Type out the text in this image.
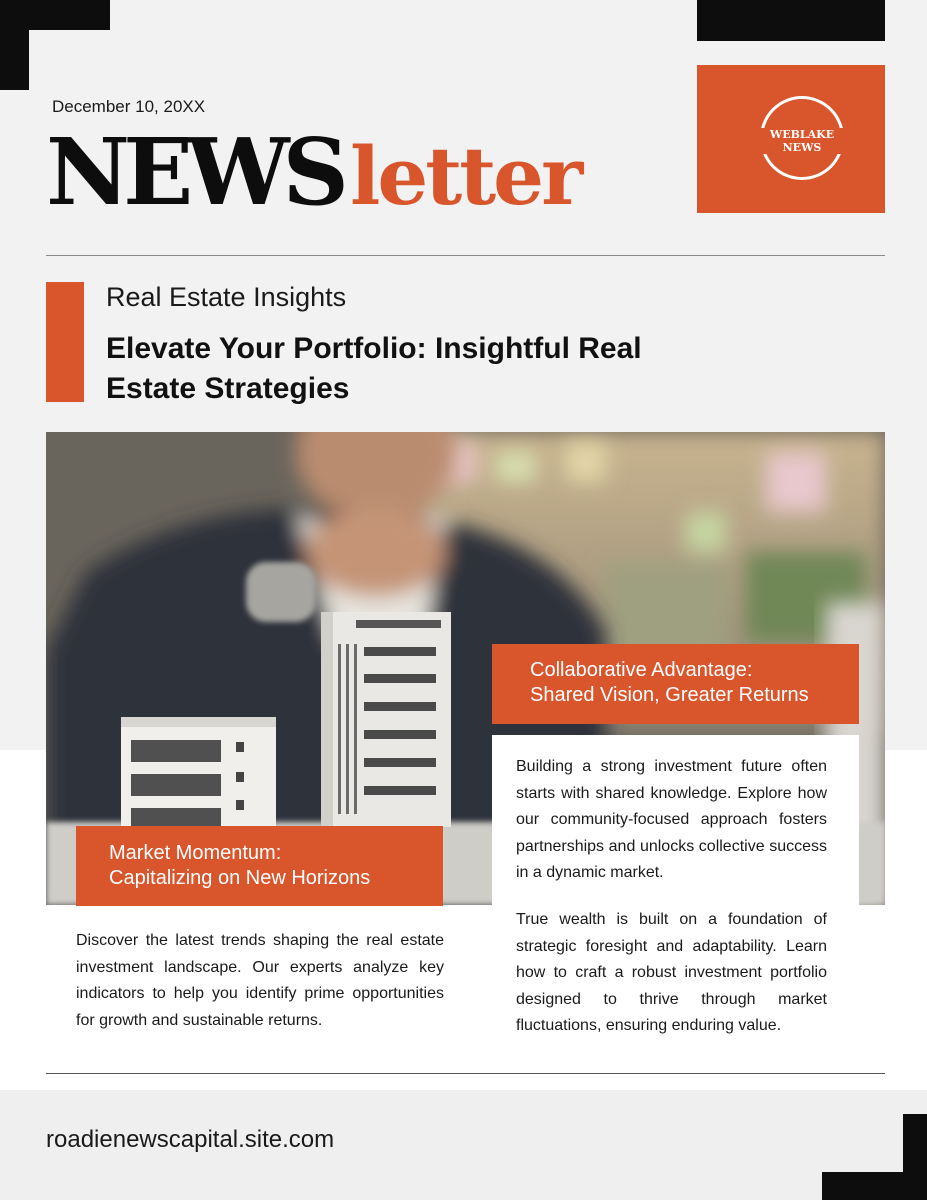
December 10, 20XX
NEWS letter	WEBLAKE
NEWS
Real Estate Insights
Elevate Your Portfolio: Insightful Real Estate Strategies
Collaborative Advantage:
Shared Vision, Greater Returns
Market Momentum:
Capitalizing on New Horizons

Building a strong investment future often starts with shared knowledge. Explore how our community-focused approach fosters partnerships and unlocks collective success in a dynamic market.

True wealth is built on a foundation of strategic foresight and adaptability. Learn how to craft a robust investment portfolio designed to thrive through market fluctuations, ensuring enduring value.

Discover the latest trends shaping the real estate investment landscape. Our experts analyze key indicators to help you identify prime opportunities for growth and sustainable returns.

roadienewscapital.site.com
